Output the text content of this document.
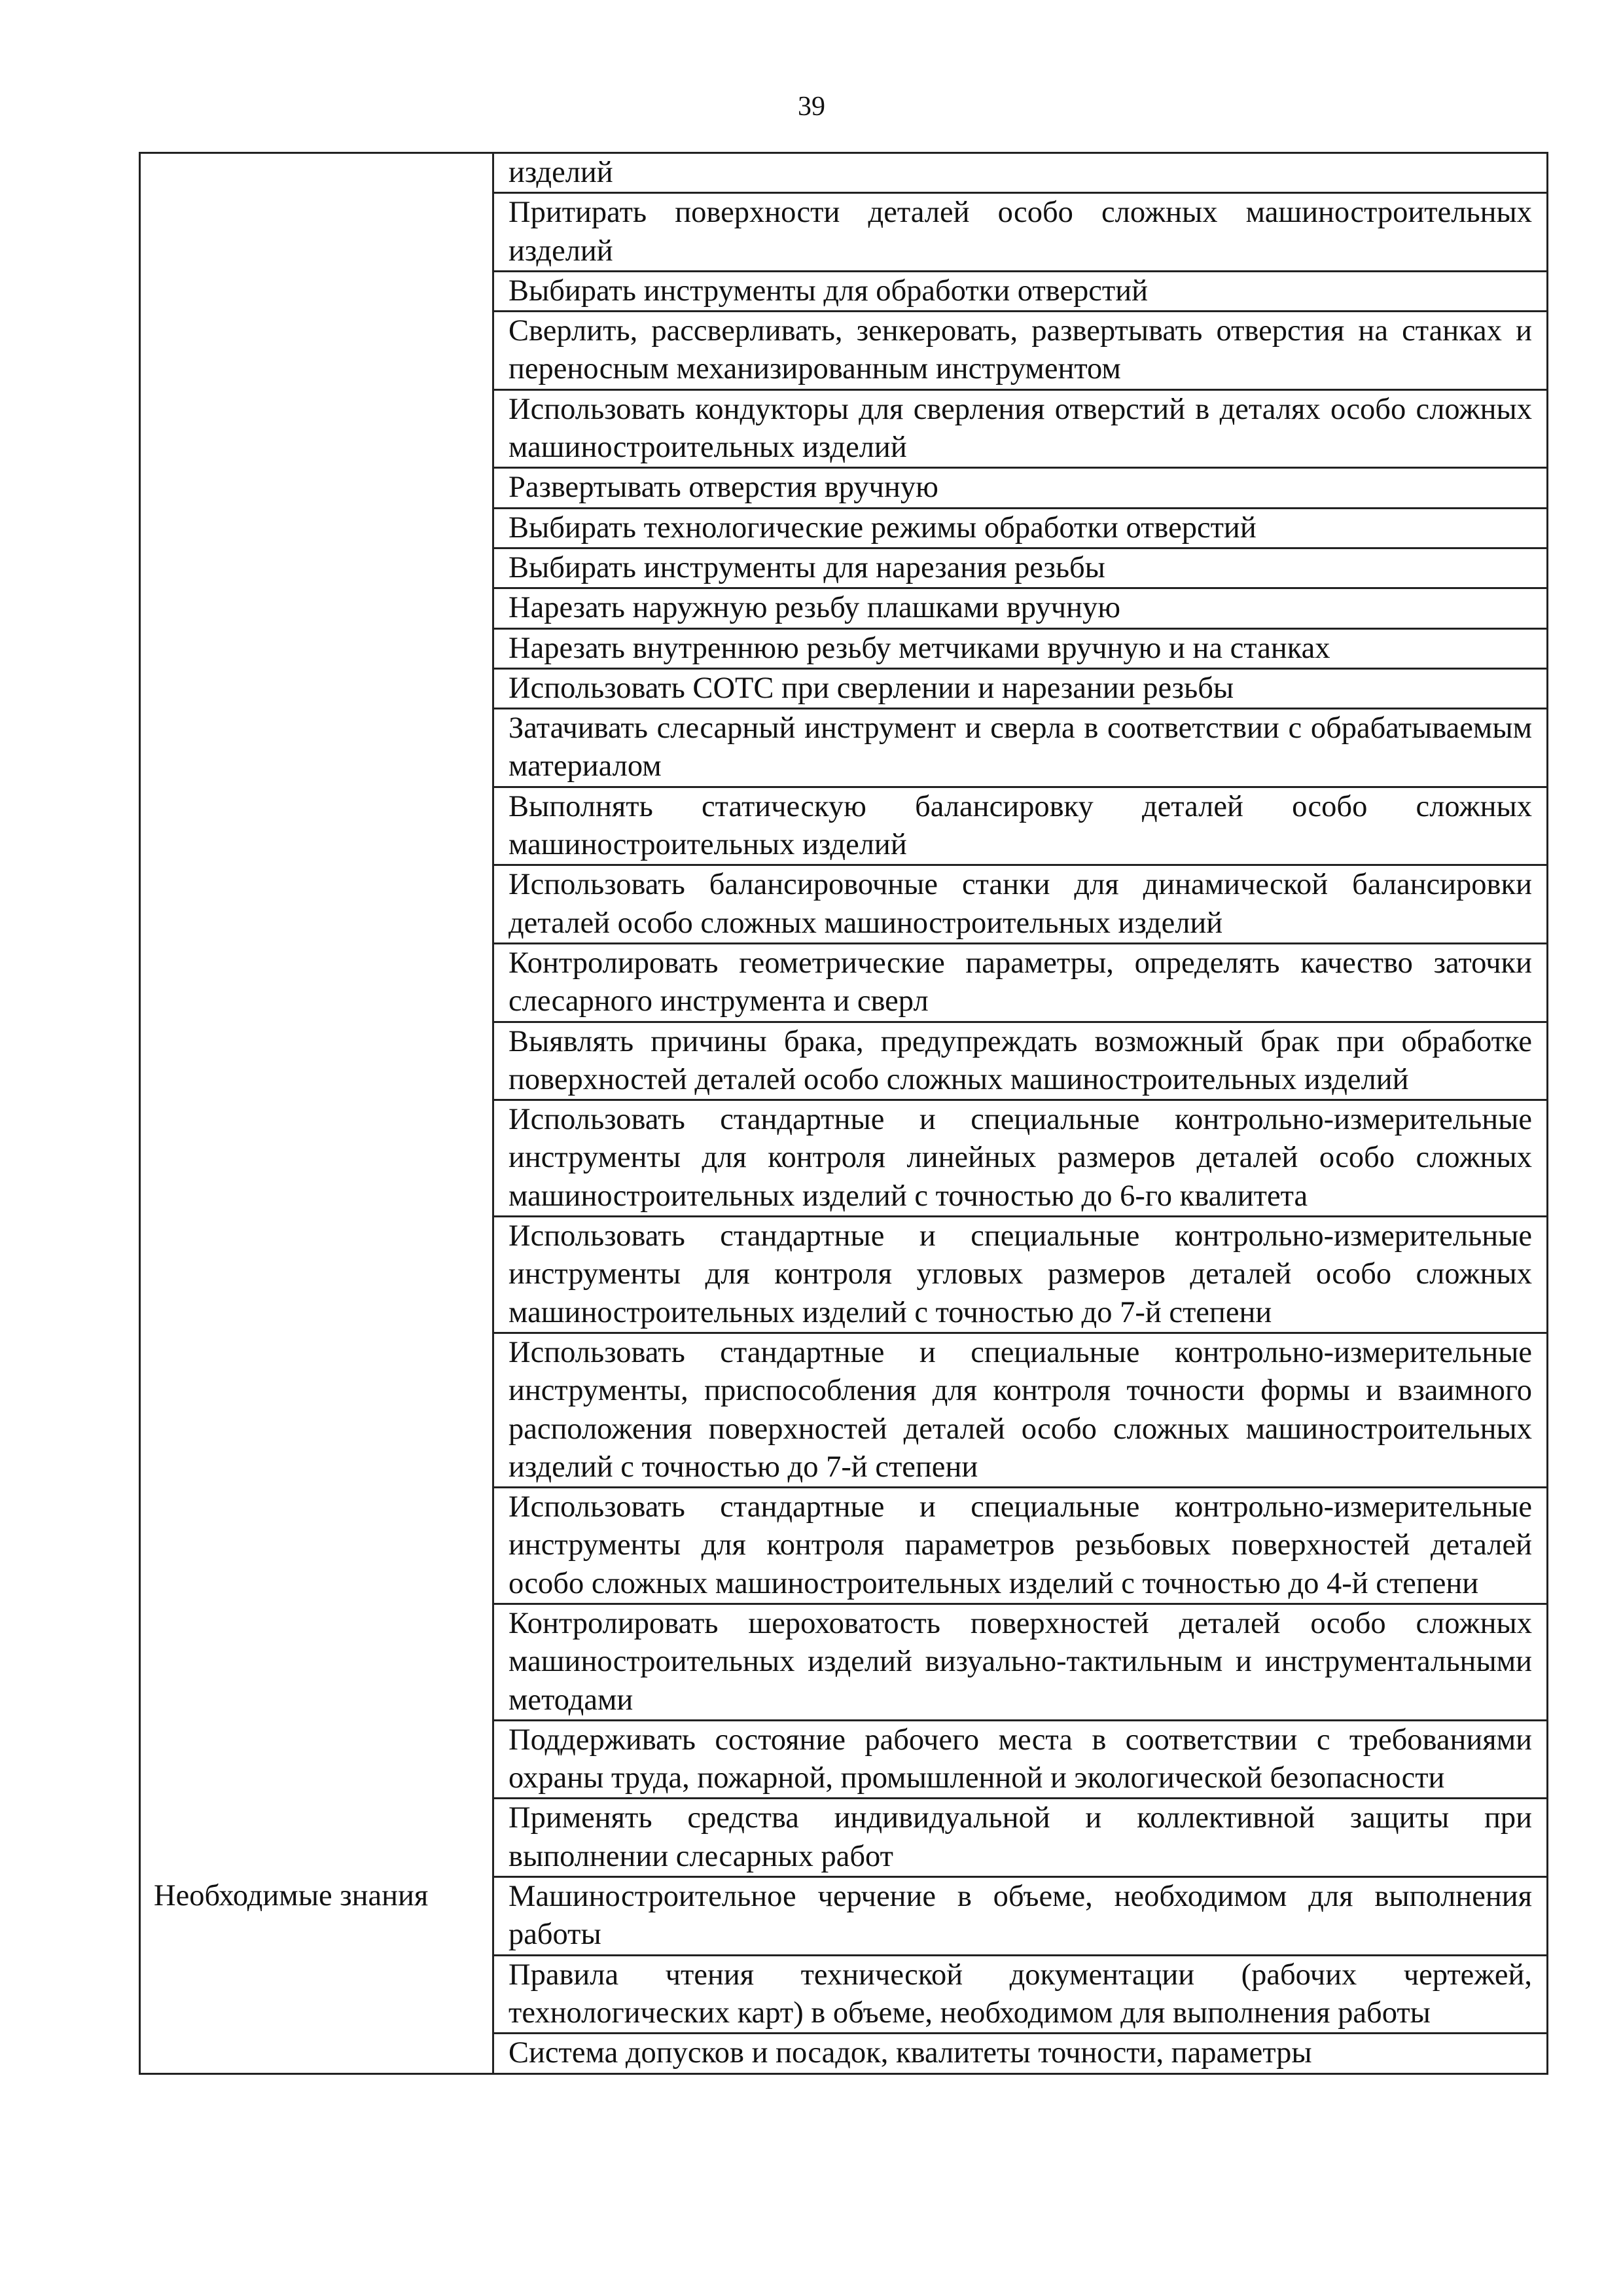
39
	изделий
	Притирать поверхности деталей особо сложных машиностроительных изделий
	Выбирать инструменты для обработки отверстий
	Сверлить, рассверливать, зенкеровать, развертывать отверстия на станках и переносным механизированным инструментом
	Использовать кондукторы для сверления отверстий в деталях особо сложных машиностроительных изделий
	Развертывать отверстия вручную
	Выбирать технологические режимы обработки отверстий
	Выбирать инструменты для нарезания резьбы
	Нарезать наружную резьбу плашками вручную
	Нарезать внутреннюю резьбу метчиками вручную и на станках
	Использовать СОТС при сверлении и нарезании резьбы
	Затачивать слесарный инструмент и сверла в соответствии с обрабатываемым материалом
	Выполнять статическую балансировку деталей особо сложных машиностроительных изделий
	Использовать балансировочные станки для динамической балансировки деталей особо сложных машиностроительных изделий
	Контролировать геометрические параметры, определять качество заточки слесарного инструмента и сверл
	Выявлять причины брака, предупреждать возможный брак при обработке поверхностей деталей особо сложных машиностроительных изделий
	Использовать стандартные и специальные контрольно-измерительные инструменты для контроля линейных размеров деталей особо сложных машиностроительных изделий с точностью до 6-го квалитета
	Использовать стандартные и специальные контрольно-измерительные инструменты для контроля угловых размеров деталей особо сложных машиностроительных изделий с точностью до 7-й степени
	Использовать стандартные и специальные контрольно-измерительные инструменты, приспособления для контроля точности формы и взаимного расположения поверхностей деталей особо сложных машиностроительных изделий с точностью до 7-й степени
	Использовать стандартные и специальные контрольно-измерительные инструменты для контроля параметров резьбовых поверхностей деталей особо сложных машиностроительных изделий с точностью до 4-й степени
	Контролировать шероховатость поверхностей деталей особо сложных машиностроительных изделий визуально-тактильным и инструментальными методами
	Поддерживать состояние рабочего места в соответствии с требованиями охраны труда, пожарной, промышленной и экологической безопасности
	Применять средства индивидуальной и коллективной защиты при выполнении слесарных работ
Необходимые знания	Машиностроительное черчение в объеме, необходимом для выполнения работы
	Правила чтения технической документации (рабочих чертежей, технологических карт) в объеме, необходимом для выполнения работы
	Система допусков и посадок, квалитеты точности, параметры
